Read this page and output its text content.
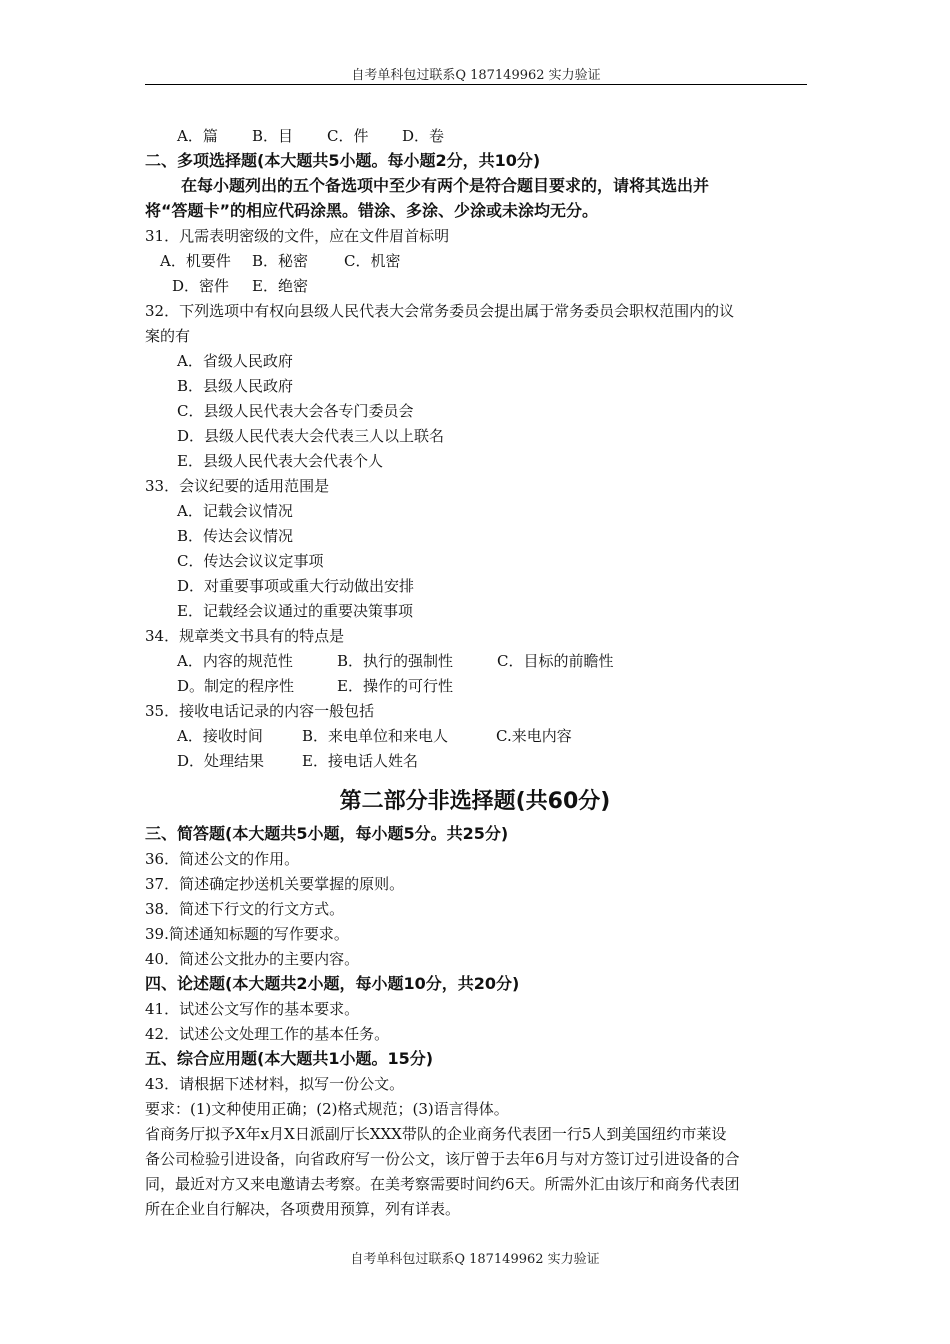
自考单科包过联系Q 187149962 实力验证
A．篇 B．目 C．件 D．卷
二、多项选择题(本大题共5小题。每小题2分，共10分)
在每小题列出的五个备选项中至少有两个是符合题目要求的，请将其选出并
将“答题卡”的相应代码涂黑。错涂、多涂、少涂或未涂均无分。
31．凡需表明密级的文件，应在文件眉首标明
A．机要件 B．秘密 C．机密
D．密件 E．绝密
32．下列选项中有权向县级人民代表大会常务委员会提出属于常务委员会职权范围内的议
案的有
A．省级人民政府
B．县级人民政府
C．县级人民代表大会各专门委员会
D．县级人民代表大会代表三人以上联名
E．县级人民代表大会代表个人
33．会议纪要的适用范围是
A．记载会议情况
B．传达会议情况
C．传达会议议定事项
D．对重要事项或重大行动做出安排
E．记载经会议通过的重要决策事项
34．规章类文书具有的特点是
A．内容的规范性	B．执行的强制性	C．目标的前瞻性
D。制定的程序性	E．操作的可行性
35．接收电话记录的内容一般包括
A．接收时间	B．来电单位和来电人	C.来电内容
D．处理结果	E．接电话人姓名
第二部分非选择题(共60分)
三、简答题(本大题共5小题，每小题5分。共25分)
36．简述公文的作用。
37．简述确定抄送机关要掌握的原则。
38．简述下行文的行文方式。
39.简述通知标题的写作要求。
40．简述公文批办的主要内容。
四、论述题(本大题共2小题，每小题10分，共20分)
41．试述公文写作的基本要求。
42．试述公文处理工作的基本任务。
五、综合应用题(本大题共1小题。15分)
43．请根据下述材料，拟写一份公文。
要求：(1)文种使用正确；(2)格式规范；(3)语言得体。
省商务厅拟予X年x月X日派副厅长XXX带队的企业商务代表团一行5人到美国纽约市莱设
备公司检验引进设备，向省政府写一份公文，该厅曾于去年6月与对方签订过引进设备的合
同，最近对方又来电邀请去考察。在美考察需要时间约6天。所需外汇由该厅和商务代表团
所在企业自行解决，各项费用预算，列有详表。
自考单科包过联系Q 187149962 实力验证
